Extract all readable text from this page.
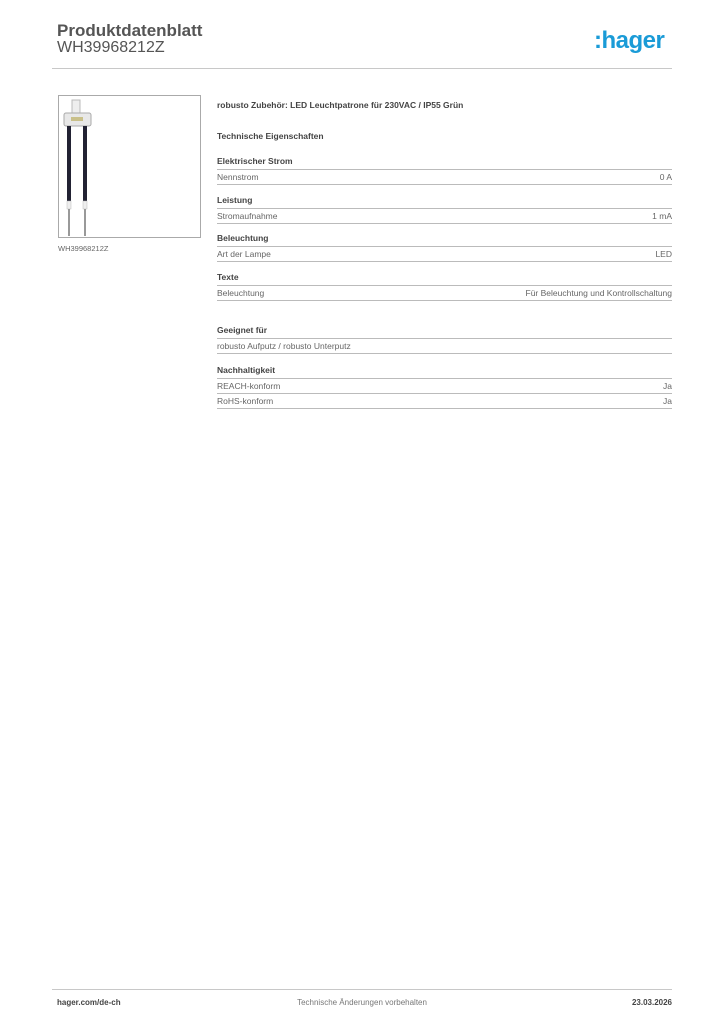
Produktdatenblatt
WH39968212Z	:hager
WH39968212Z
robusto Zubehör: LED Leuchtpatrone für 230VAC / IP55 Grün
Technische Eigenschaften
Elektrischer Strom
Nennstrom	0 A
Leistung
Stromaufnahme	1 mA
Beleuchtung
Art der Lampe	LED
Texte
Beleuchtung	Für Beleuchtung und Kontrollschaltung
Geeignet für
robusto Aufputz / robusto Unterputz
Nachhaltigkeit
REACH-konform	Ja
RoHS-konform	Ja
hager.com/de-ch	Technische Änderungen vorbehalten	23.03.2026
